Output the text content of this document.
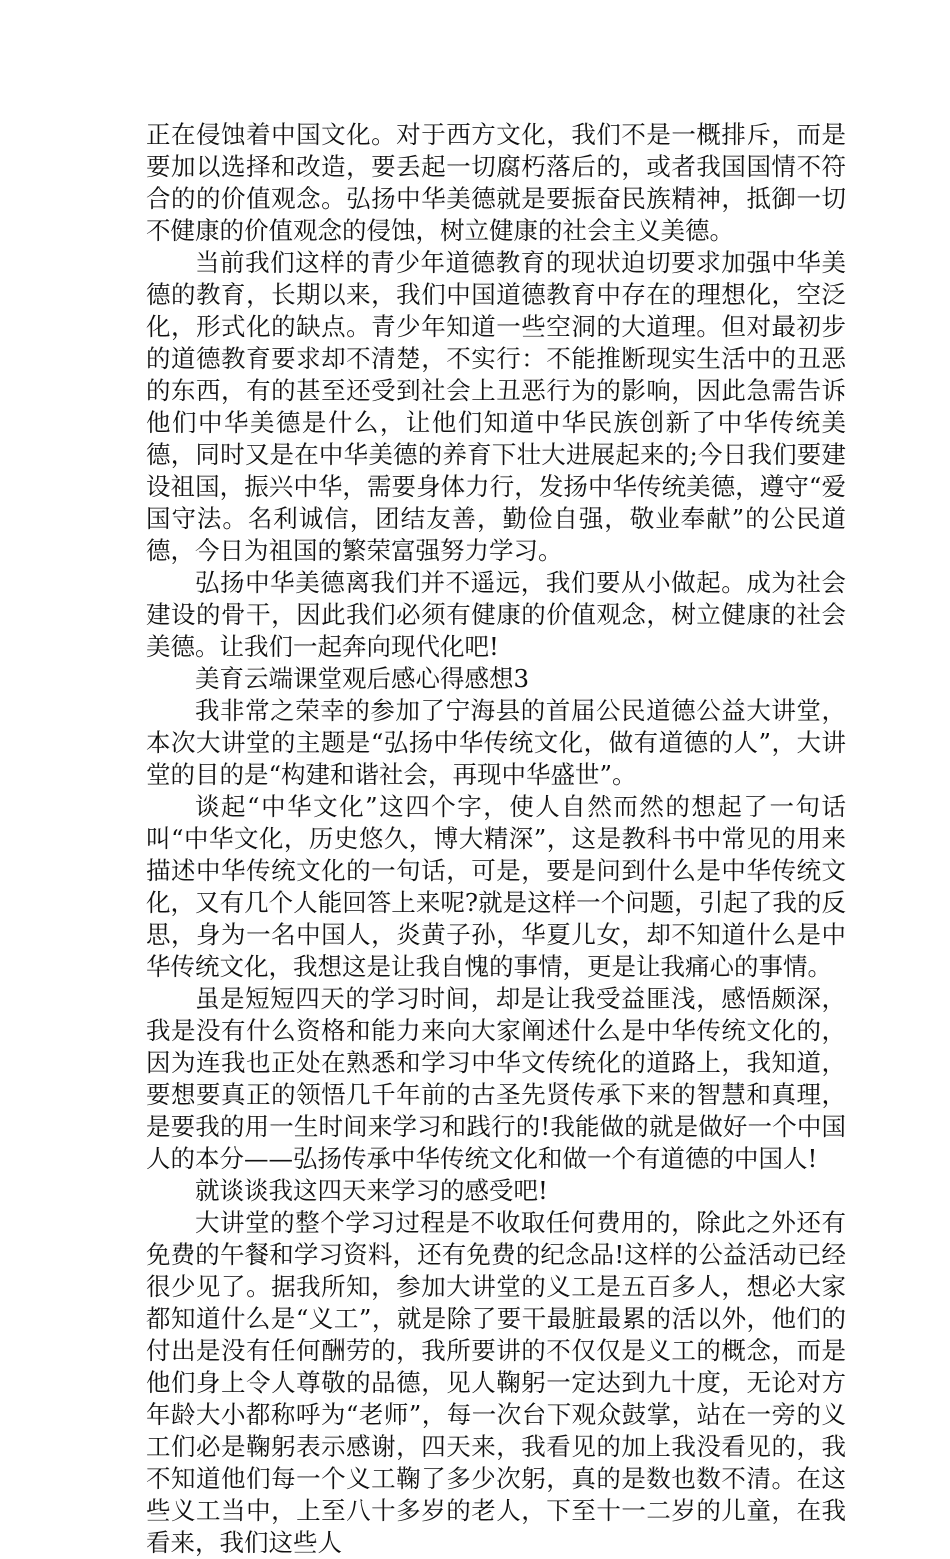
正在侵蚀着中国文化。对于西方文化，我们不是一概排斥，而是要加以选择和改造，要丢起一切腐朽落后的，或者我国国情不符合的的价值观念。弘扬中华美德就是要振奋民族精神，抵御一切不健康的价值观念的侵蚀，树立健康的社会主义美德。

当前我们这样的青少年道德教育的现状迫切要求加强中华美德的教育，长期以来，我们中国道德教育中存在的理想化，空泛化，形式化的缺点。青少年知道一些空洞的大道理。但对最初步的道德教育要求却不清楚，不实行：不能推断现实生活中的丑恶的东西，有的甚至还受到社会上丑恶行为的影响，因此急需告诉他们中华美德是什么，让他们知道中华民族创新了中华传统美德，同时又是在中华美德的养育下壮大进展起来的;今日我们要建设祖国，振兴中华，需要身体力行，发扬中华传统美德，遵守“爱国守法。名利诚信，团结友善，勤俭自强，敬业奉献”的公民道德，今日为祖国的繁荣富强努力学习。

弘扬中华美德离我们并不遥远，我们要从小做起。成为社会建设的骨干，因此我们必须有健康的价值观念，树立健康的社会美德。让我们一起奔向现代化吧!

美育云端课堂观后感心得感想3

我非常之荣幸的参加了宁海县的首届公民道德公益大讲堂，本次大讲堂的主题是“弘扬中华传统文化，做有道德的人”，大讲堂的目的是“构建和谐社会，再现中华盛世”。

谈起“中华文化”这四个字，使人自然而然的想起了一句话叫“中华文化，历史悠久，博大精深”，这是教科书中常见的用来描述中华传统文化的一句话，可是，要是问到什么是中华传统文化，又有几个人能回答上来呢?就是这样一个问题，引起了我的反思，身为一名中国人，炎黄子孙，华夏儿女，却不知道什么是中华传统文化，我想这是让我自愧的事情，更是让我痛心的事情。

虽是短短四天的学习时间，却是让我受益匪浅，感悟颇深，我是没有什么资格和能力来向大家阐述什么是中华传统文化的，因为连我也正处在熟悉和学习中华文传统化的道路上，我知道，要想要真正的领悟几千年前的古圣先贤传承下来的智慧和真理，是要我的用一生时间来学习和践行的!我能做的就是做好一个中国人的本分——弘扬传承中华传统文化和做一个有道德的中国人!

就谈谈我这四天来学习的感受吧!

大讲堂的整个学习过程是不收取任何费用的，除此之外还有免费的午餐和学习资料，还有免费的纪念品!这样的公益活动已经很少见了。据我所知，参加大讲堂的义工是五百多人，想必大家都知道什么是“义工”，就是除了要干最脏最累的活以外，他们的付出是没有任何酬劳的，我所要讲的不仅仅是义工的概念，而是他们身上令人尊敬的品德，见人鞠躬一定达到九十度，无论对方年龄大小都称呼为“老师”，每一次台下观众鼓掌，站在一旁的义工们必是鞠躬表示感谢，四天来，我看见的加上我没看见的，我不知道他们每一个义工鞠了多少次躬，真的是数也数不清。在这些义工当中，上至八十多岁的老人，下至十一二岁的儿童，在我看来，我们这些人
